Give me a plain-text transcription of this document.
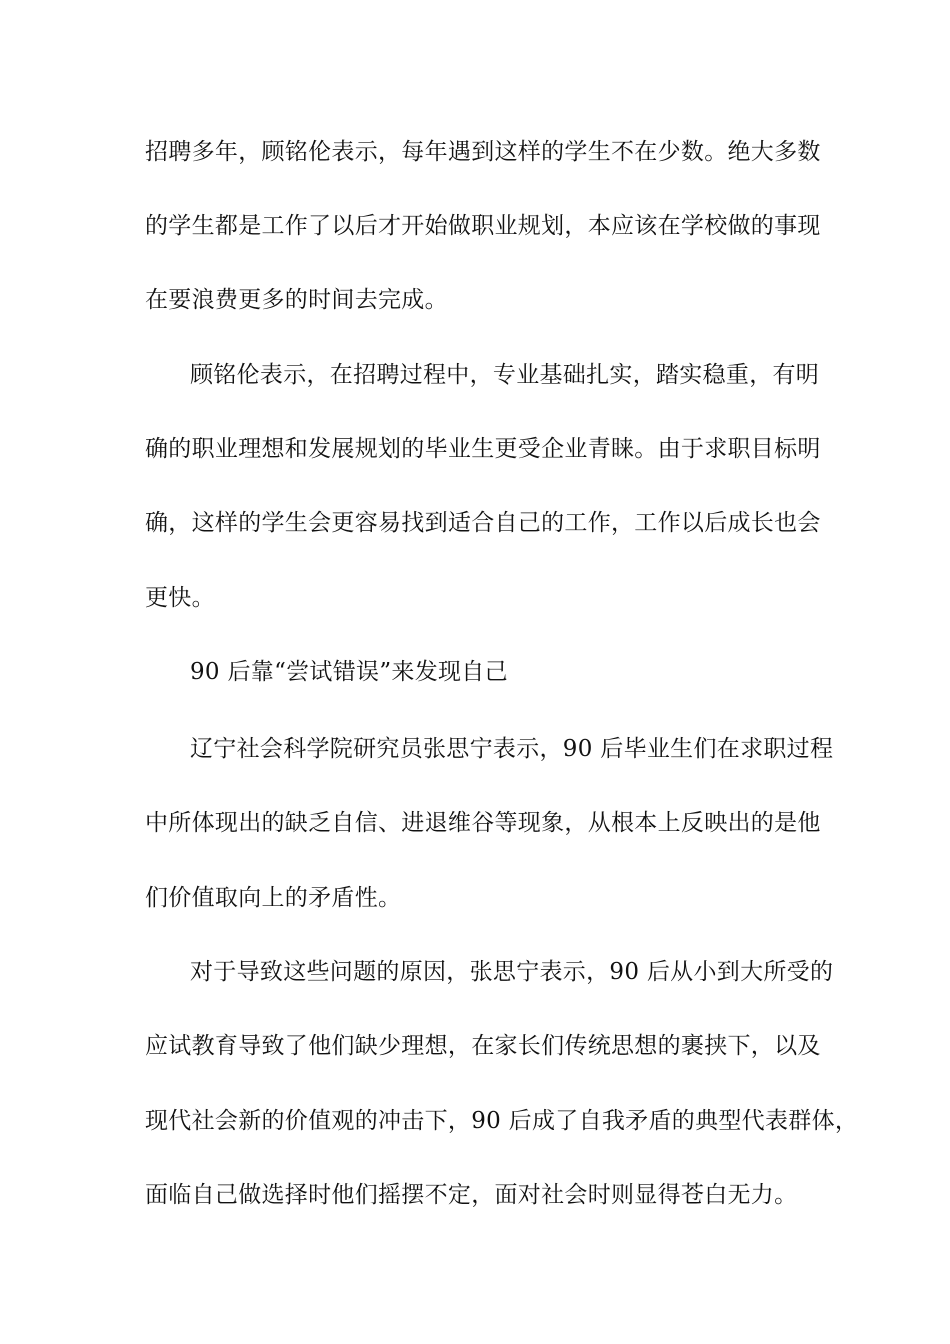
招聘多年，顾铭伦表示，每年遇到这样的学生不在少数。绝大多数
的学生都是工作了以后才开始做职业规划，本应该在学校做的事现
在要浪费更多的时间去完成。
顾铭伦表示，在招聘过程中，专业基础扎实，踏实稳重，有明
确的职业理想和发展规划的毕业生更受企业青睐。由于求职目标明
确，这样的学生会更容易找到适合自己的工作，工作以后成长也会
更快。
90 后靠“尝试错误”来发现自己
辽宁社会科学院研究员张思宁表示，90 后毕业生们在求职过程
中所体现出的缺乏自信、进退维谷等现象，从根本上反映出的是他
们价值取向上的矛盾性。
对于导致这些问题的原因，张思宁表示，90 后从小到大所受的
应试教育导致了他们缺少理想，在家长们传统思想的裹挟下，以及
现代社会新的价值观的冲击下，90 后成了自我矛盾的典型代表群体，
面临自己做选择时他们摇摆不定，面对社会时则显得苍白无力。
